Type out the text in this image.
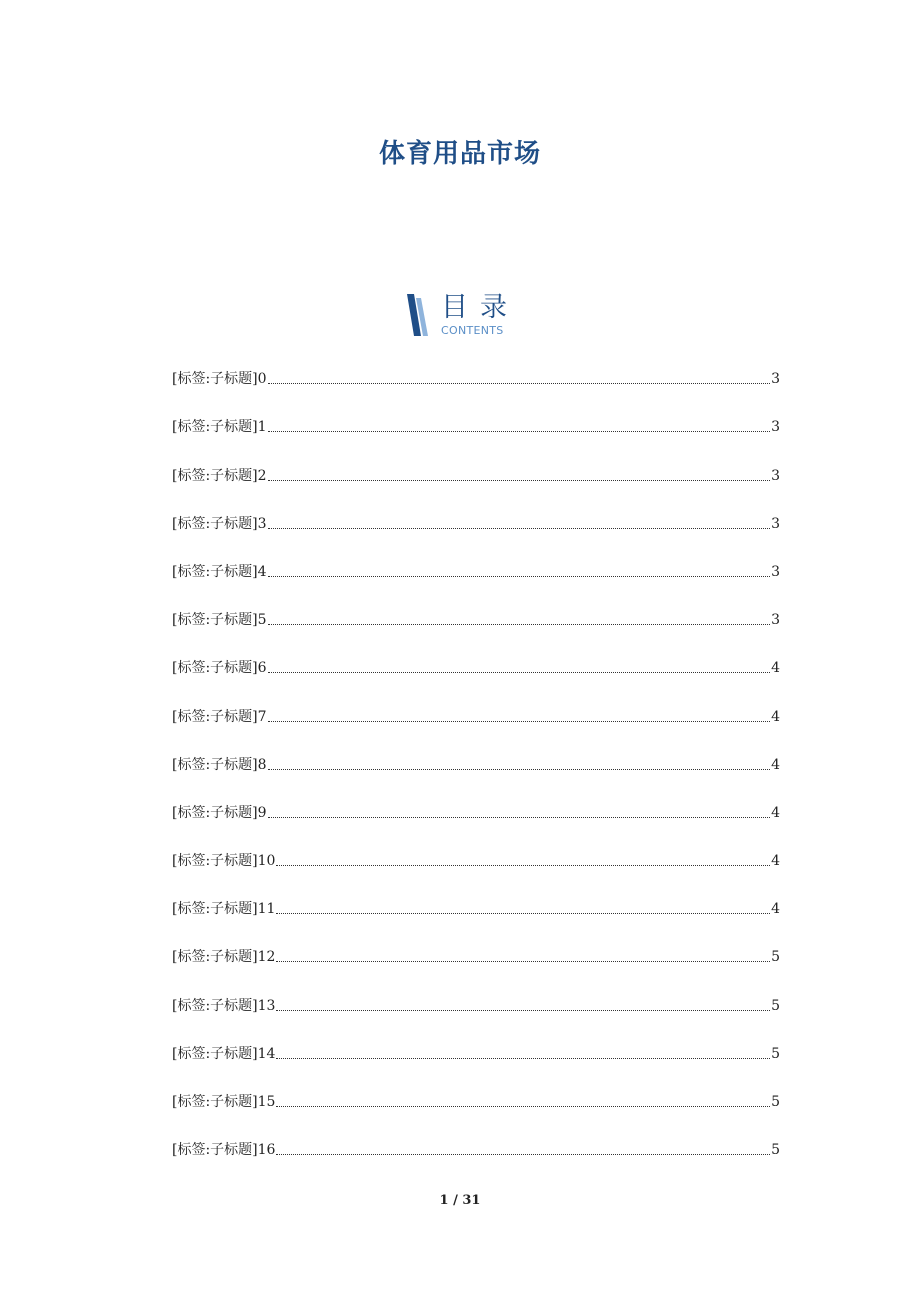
体育用品市场
目录
CONTENTS
[标签:子标题]0	3
[标签:子标题]1	3
[标签:子标题]2	3
[标签:子标题]3	3
[标签:子标题]4	3
[标签:子标题]5	3
[标签:子标题]6	4
[标签:子标题]7	4
[标签:子标题]8	4
[标签:子标题]9	4
[标签:子标题]10	4
[标签:子标题]11	4
[标签:子标题]12	5
[标签:子标题]13	5
[标签:子标题]14	5
[标签:子标题]15	5
[标签:子标题]16	5
1 / 31
